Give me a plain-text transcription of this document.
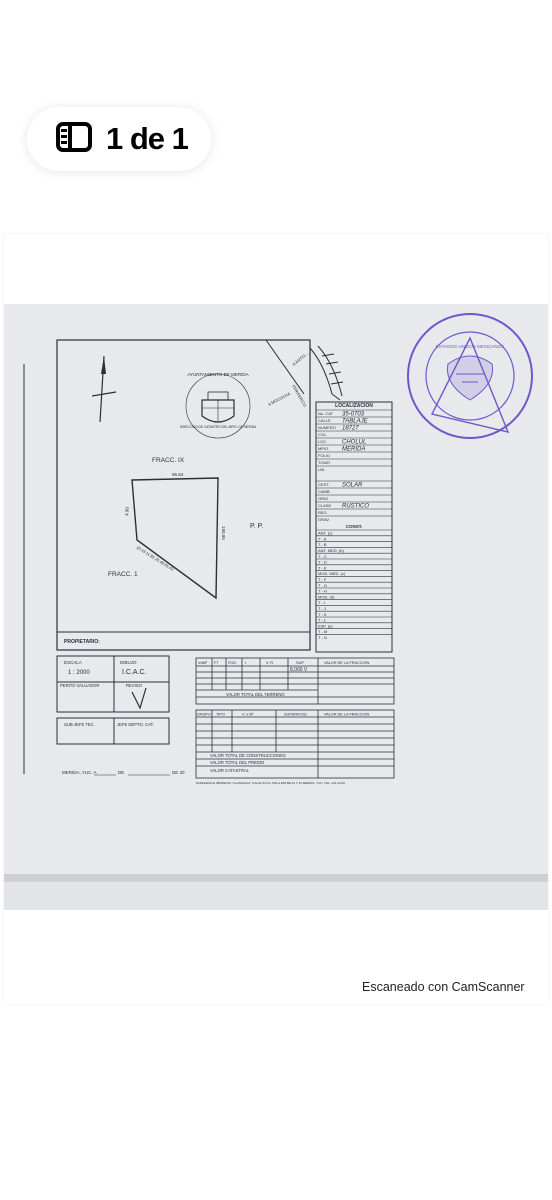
1 de 1
AYUNTAMIENTO DE MERIDA
DIRECCION DE CATASTRO DEL MPIO. DE MERIDA
A MOCOCHA
A ANTIG...
PERIFERICO
FRACC. IX
FRACC. 1
P. P.
96.84
4.90
190.95
10.43 11.85 25.48 65.43
PROPIETARIO:
LOCALIZACION
No. CAT 35-0703
CALLE TABLAJE
NUMERO 18727
COL.
LOC. CHOLUL
MPIO. MERIDA
FOLIO
TOMO
LIB.
CEST. SOLAR
CAMB.
ORIG.
CLASE RUSTICO
REG.
GRAV.
CONST.
ANT. (c)
T - A
T - B
ANT. MED. (b)
T - C
T - D
T - E
MOD. MED. (c)
T - F
T - G
T - H
MOD. (d)
T - I
T - J
T - K
T - L
ESP. (e)
T - M
T - N
ESCALA
1 : 2000
DIBUJO
I.C.A.C.
PERITO VALUADOR	REVISO
SUB-JEFE TEC.	JEFE DEPTO. CAT.
MERIDA, YUC. A	DE	DE 20
VdM² FT FDO I	V. R.	SUP.	VALOR DE LA FRACCION
8,000 V
VALOR TOTAL DEL TERRENO
GRUPO TIPO	V. x M²	SUPERFICIE	VALOR DE LA FRACCION
VALOR TOTAL DE CONSTRUCCIONES
VALOR TOTAL DEL PREDIO
VALOR CATASTRAL
PAPELERIA E IMPRENTA "LA AMAGUA" CALLE 54 No. 502-A ENTRE 61 Y 63 MERIDA, YUC. TEL. 224-24-50
ESTADOS UNIDOS MEXICANOS
Escaneado con CamScanner
